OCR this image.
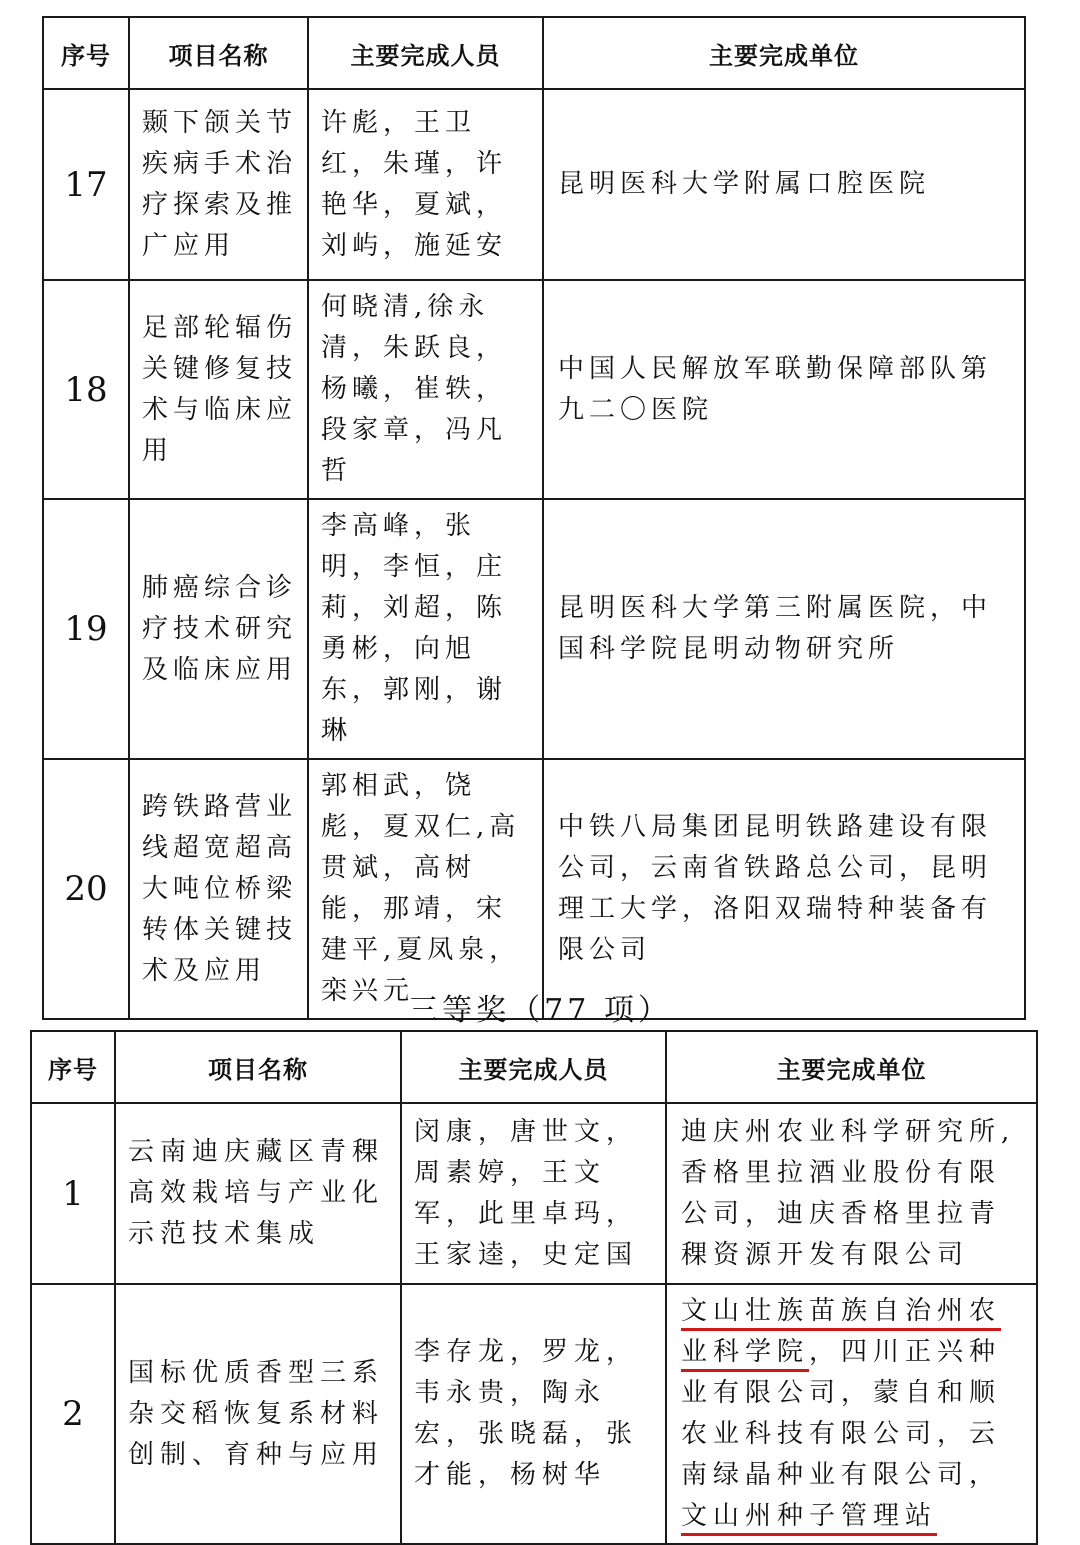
序号	项目名称	主要完成人员	主要完成单位
17	颞下颌关节疾病手术治疗探索及推广应用	许彪，王卫红，朱瑾，许艳华，夏斌，刘屿，施延安	昆明医科大学附属口腔医院
18	足部轮辐伤关键修复技术与临床应用	何晓清,徐永清，朱跃良，杨曦，崔轶，段家章，冯凡哲	中国人民解放军联勤保障部队第九二〇医院
19	肺癌综合诊疗技术研究及临床应用	李高峰，张明，李恒，庄莉，刘超，陈勇彬，向旭东，郭刚，谢琳	昆明医科大学第三附属医院，中国科学院昆明动物研究所
20	跨铁路营业线超宽超高大吨位桥梁转体关键技术及应用	郭相武，饶彪，夏双仁,高贯斌，高树能，那靖，宋建平,夏凤泉，栾兴元	中铁八局集团昆明铁路建设有限公司，云南省铁路总公司，昆明理工大学，洛阳双瑞特种装备有限公司
三等奖（77 项）
序号	项目名称	主要完成人员	主要完成单位
1	云南迪庆藏区青稞高效栽培与产业化示范技术集成	闵康，唐世文，周素婷，王文军，此里卓玛，王家逵，史定国	迪庆州农业科学研究所,香格里拉酒业股份有限公司，迪庆香格里拉青稞资源开发有限公司
2	国标优质香型三系杂交稻恢复系材料创制、育种与应用	李存龙，罗龙，韦永贵，陶永宏，张晓磊，张才能，杨树华	文山壮族苗族自治州农业科学院，四川正兴种业有限公司，蒙自和顺农业科技有限公司，云南绿晶种业有限公司，文山州种子管理站
